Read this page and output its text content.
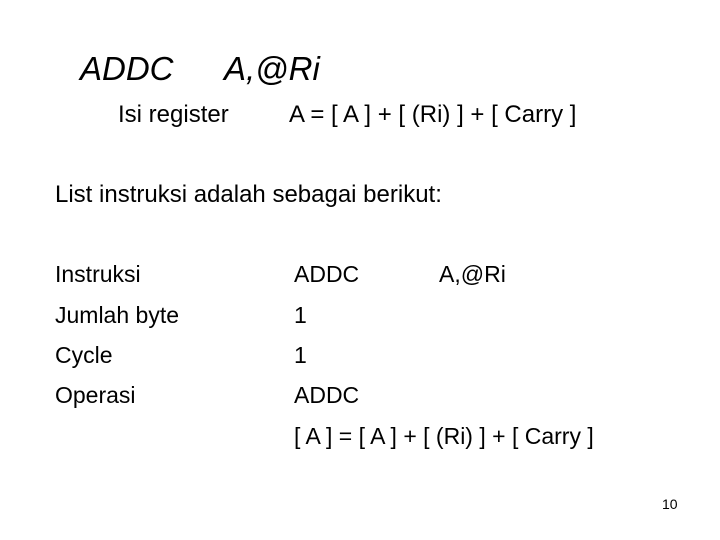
ADDC A,@Ri
Isi register	A = [ A ] + [ (Ri) ] + [ Carry ]
List instruksi adalah sebagai berikut:
Instruksi
Jumlah byte
Cycle
Operasi
ADDC	A,@Ri
1
1
ADDC
[ A ] = [ A ] + [ (Ri) ] + [ Carry ]
10
